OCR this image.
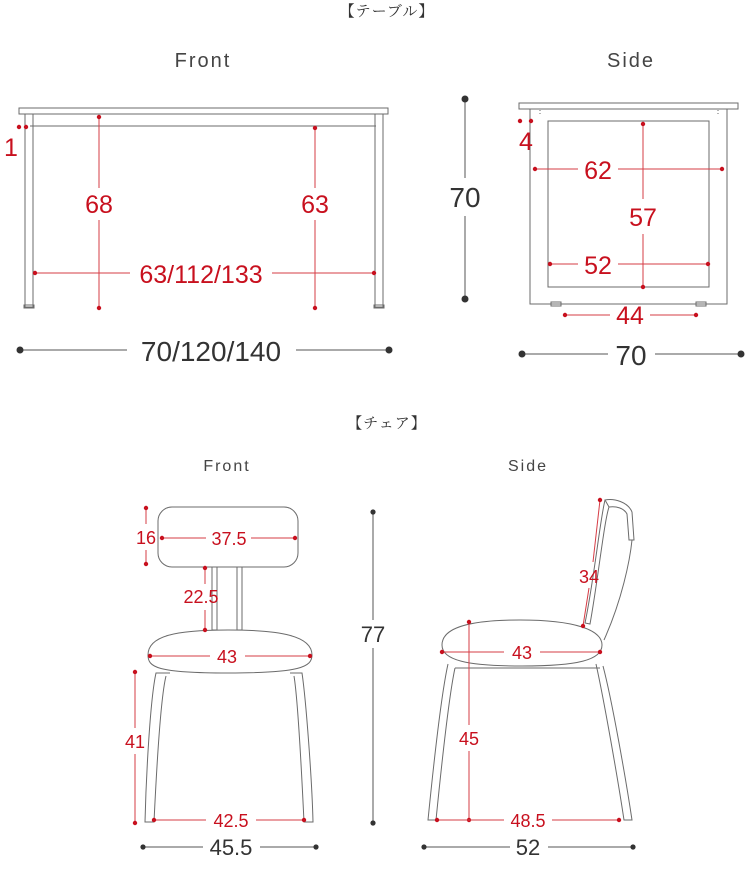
【テーブル】
Front	Side
1
68	63
63/112/133
70/120/140
70
4
62
57
52
44
70
【チェア】
Front	Side
16	37.5
22.5
43
41
42.5
45.5
77
34
43
45
48.5
52
